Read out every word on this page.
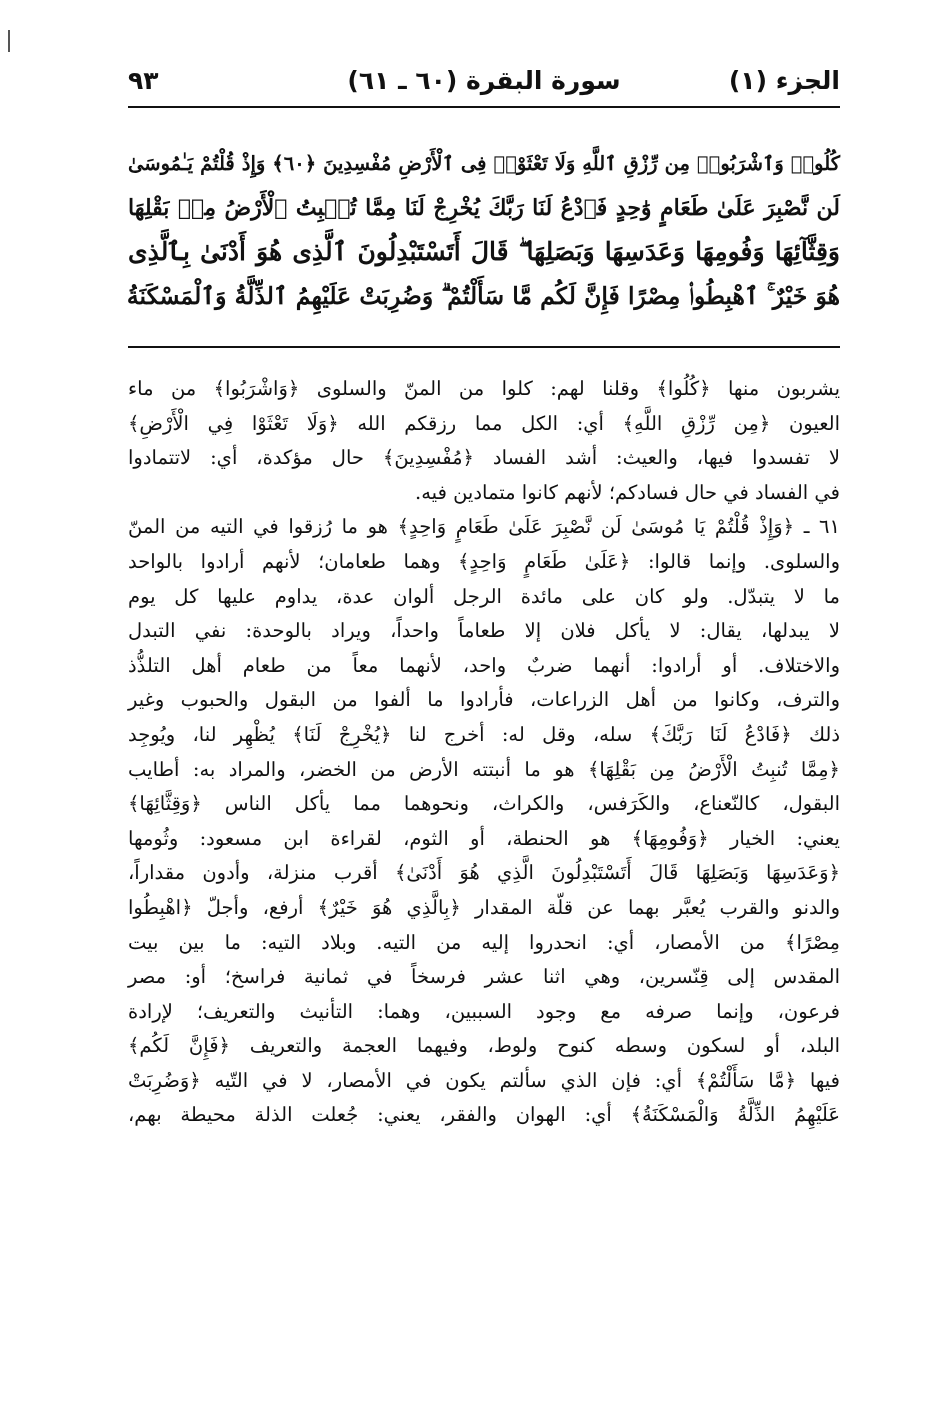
الجزء (١)
سورة البقرة (٦٠ ـ ٦١)
٩٣
كُلُوا۟ وَٱشْرَبُوا۟ مِن رِّزْقِ ٱللَّهِ وَلَا تَعْثَوْا۟ فِى ٱلْأَرْضِ مُفْسِدِينَ ﴿٦٠﴾ وَإِذْ قُلْتُمْ يَـٰمُوسَىٰ
لَن نَّصْبِرَ عَلَىٰ طَعَامٍ وَٰحِدٍ فَٱدْعُ لَنَا رَبَّكَ يُخْرِجْ لَنَا مِمَّا تُنۢبِتُ ٱلْأَرْضُ مِنۢ بَقْلِهَا
وَقِثَّآئِهَا وَفُومِهَا وَعَدَسِهَا وَبَصَلِهَا ۖ قَالَ أَتَسْتَبْدِلُونَ ٱلَّذِى هُوَ أَدْنَىٰ بِٱلَّذِى
هُوَ خَيْرٌ ۚ ٱهْبِطُوا۟ مِصْرًا فَإِنَّ لَكُم مَّا سَأَلْتُمْ ۗ وَضُرِبَتْ عَلَيْهِمُ ٱلذِّلَّةُ وَٱلْمَسْكَنَةُ
يشربون منها ﴿كُلُوا﴾ وقلنا لهم: كلوا من المنّ والسلوى ﴿وَاشْرَبُوا﴾ من ماء
العيون ﴿مِن رِّزْقِ اللَّهِ﴾ أي: الكل مما رزقكم الله ﴿وَلَا تَعْثَوْا فِي الْأَرْضِ﴾
لا تفسدوا فيها، والعيث: أشد الفساد ﴿مُفْسِدِينَ﴾ حال مؤكدة، أي: لاتتمادوا
في الفساد في حال فسادكم؛ لأنهم كانوا متمادين فيه.
٦١ ـ ﴿وَإِذْ قُلْتُمْ يَا مُوسَىٰ لَن نَّصْبِرَ عَلَىٰ طَعَامٍ وَاحِدٍ﴾ هو ما رُزقوا في التيه من المنّ
والسلوى. وإنما قالوا: ﴿عَلَىٰ طَعَامٍ وَاحِدٍ﴾ وهما طعامان؛ لأنهم أرادوا بالواحد
ما لا يتبدّل. ولو كان على مائدة الرجل ألوان عدة، يداوم عليها كل يوم
لا يبدلها، يقال: لا يأكل فلان إلا طعاماً واحداً، ويراد بالوحدة: نفي التبدل
والاختلاف. أو أرادوا: أنهما ضربٌ واحد، لأنهما معاً من طعام أهل التلذُّذ
والترف، وكانوا من أهل الزراعات، فأرادوا ما ألفوا من البقول والحبوب وغير
ذلك ﴿فَادْعُ لَنَا رَبَّكَ﴾ سله، وقل له: أخرج لنا ﴿يُخْرِجْ لَنَا﴾ يُظْهِر لنا، ويُوجِد
﴿مِمَّا تُنبِتُ الْأَرْضُ مِن بَقْلِهَا﴾ هو ما أنبتته الأرض من الخضر، والمراد به: أطايب
البقول، كالنّعناع، والكَرَفس، والكراث، ونحوهما مما يأكل الناس ﴿وَقِثَّائِهَا﴾
يعني: الخيار ﴿وَفُومِهَا﴾ هو الحنطة، أو الثوم، لقراءة ابن مسعود: وثُومها
﴿وَعَدَسِهَا وَبَصَلِهَا قَالَ أَتَسْتَبْدِلُونَ الَّذِي هُوَ أَدْنَىٰ﴾ أقرب منزلة، وأدون مقداراً،
والدنو والقرب يُعبَّر بهما عن قلّة المقدار ﴿بِالَّذِي هُوَ خَيْرٌ﴾ أرفع، وأجلّ ﴿اهْبِطُوا
مِصْرًا﴾ من الأمصار، أي: انحدروا إليه من التيه. وبلاد التيه: ما بين بيت
المقدس إلى قِنّسرين، وهي اثنا عشر فرسخاً في ثمانية فراسخ؛ أو: مصر
فرعون، وإنما صرفه مع وجود السببين، وهما: التأنيث والتعريف؛ لإرادة
البلد، أو لسكون وسطه كنوح ولوط، وفيهما العجمة والتعريف ﴿فَإِنَّ لَكُم﴾
فيها ﴿مَّا سَأَلْتُمْ﴾ أي: فإن الذي سألتم يكون في الأمصار، لا في التّيه ﴿وَضُرِبَتْ
عَلَيْهِمُ الذِّلَّةُ وَالْمَسْكَنَةُ﴾ أي: الهوان والفقر، يعني: جُعلت الذلة محيطة بهم،
